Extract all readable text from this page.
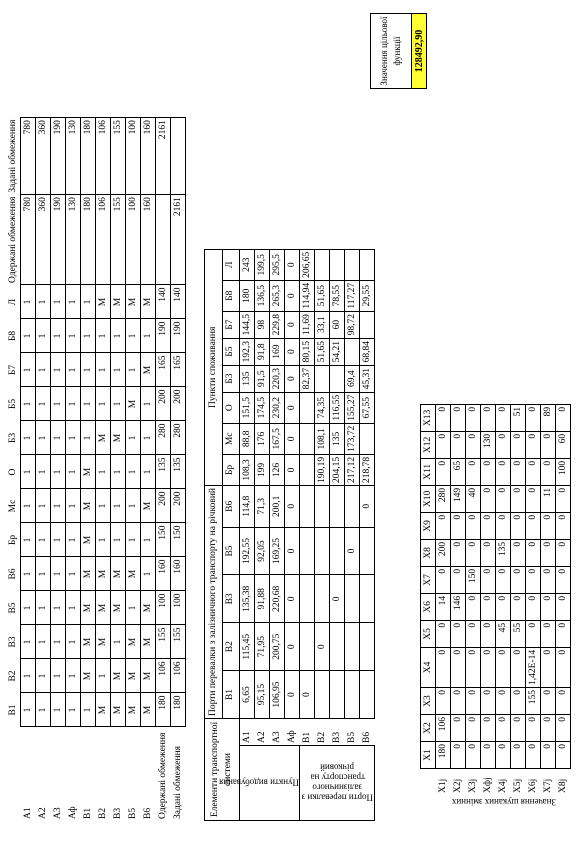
B1	B2	B3	B5	B6	Бр	Мс	О	Б3	Б5	Б7	Б8	Л
	Одержані обмеження	Задані обмеження
A1	1	1	1	1	1	1	1	1	1	1	1	1	1	780	780
A2	1	1	1	1	1	1	1	1	1	1	1	1	1	360	360
A3	1	1	1	1	1	1	1	1	1	1	1	1	1	190	190
Аф	1	1	1	1	1	1	1	1	1	1	1	1	1	130	130
B1	1	M	M	M	M	M	M	M	1	1	1	1	1	180	180
B2	M	1	M	M	M	1	1	1	M	1	1	1	M	106	106
B3	M	M	1	M	M	1	1	1	M	1	1	1	M	155	155
B5	M	M	M	1	M	1	1	1	1	M	1	1	M	100	100
B6	M	M	M	M	1	1	M	1	1	1	M	1	M	160	160
Одержані обмеження	180	106	155	100	160	150	200	135	280	200	165	190	140		2161
Задані обмеження	180	106	155	100	160	150	200	135	280	200	165	190	140	2161	
Елементи транспортної системи		Порти перевалки з залізничного транспорту на річковий					Пункти споживання							
		B1	B2	B3	B5	B6	Бр	Мс	О	Б3	Б5	Б7	Б8	Л
Пункти видобування	A1	6,65	115,45	135,38	192,55	114,8	108,3	88,8	151,5	135	192,3	144,5	180	243
	A2	95,15	71,95	91,88	92,05	71,3	199	176	174,5	91,5	91,8	98	136,5	199,5
	A3	106,95	200,75	220,68	169,25	200,1	126	167,5	230,2	220,3	169	229,8	265,3	295,5
	Аф	0	0	0	0	0	0	0	0	0	0	0	0	0
Порти перевалки з залізничного транспорту на річковий	B1	0								82,37	80,15	11,69	114,94	206,65
	B2		0				190,19	108,1	74,35		51,65	33,1	51,65	
	B3			0			204,15	135	116,55		54,21	60	78,55	
	B5				0		217,12	173,72	155,27	69,4		98,72	117,27	
	B6					0	218,78		67,55	45,31	68,84		29,55	
Значення цільової функції
128492,90
		X1	X2	X3	X4	X5	X6	X7	X8	X9	X10	X11	X12	X13
Значення шуканих змінних	X1j	180	106	0	0	0	14	0	200	0	280	0	0	0
	X2j	0	0	0	0	0	146	0	0	0	149	65	0	0
	X3j	0	0	0	0	0	0	150	0	0	40	0	0	0
	Xфj	0	0	0	0	0	0	0	0	0	0	0	130	0
	X4j	0	0	0	0	45	0	0	135	0	0	0	0	0
	X5j	0	0	0	0	55	0	0	0	0	0	0	0	51
	X6j	0	0	155	1,42E-14	0	0	0	0	0	0	0	0	0
	X7j	0	0	0	0	0	0	0	0	0	11	0	0	89
	X8j	0	0	0	0	0	0	0	0	0	0	100	60	0
